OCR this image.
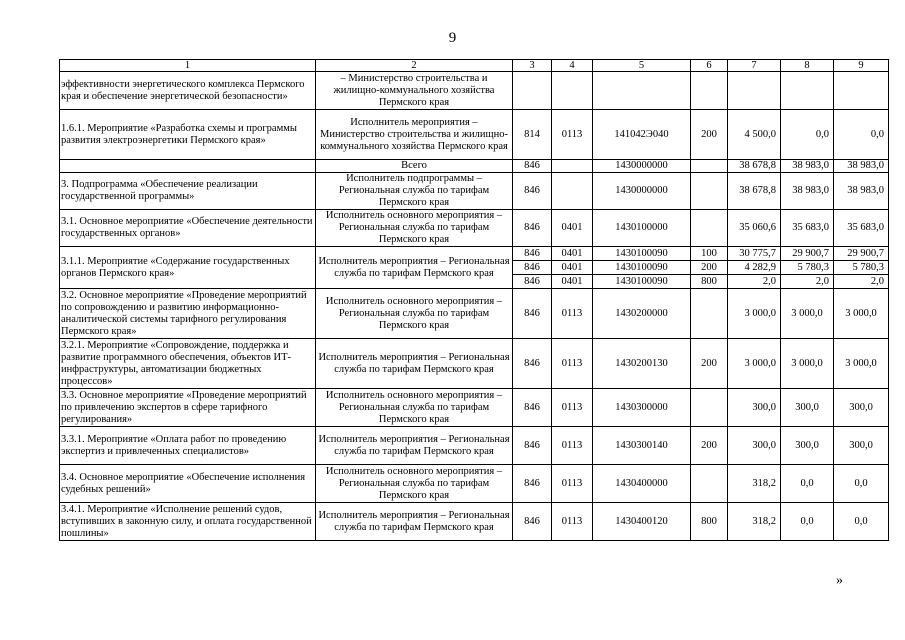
9
1	2	3	4	5	6	7	8	9
эффективности энергетического комплекса Пермского края и обеспечение энергетической безопасности»	– Министерство строительства и жилищно-коммунального хозяйства Пермского края							
1.6.1. Мероприятие «Разработка схемы и программы развития электроэнергетики Пермского края»	Исполнитель мероприятия – Министерство строительства и жилищно-коммунального хозяйства Пермского края	814	0113	141042Э040	200	4 500,0	0,0	0,0
	Всего	846		1430000000		38 678,8	38 983,0	38 983,0
3. Подпрограмма «Обеспечение реализации государственной программы»	Исполнитель подпрограммы – Региональная служба по тарифам Пермского края	846		1430000000		38 678,8	38 983,0	38 983,0
3.1. Основное мероприятие «Обеспечение деятельности государственных органов»	Исполнитель основного мероприятия – Региональная служба по тарифам Пермского края	846	0401	1430100000		35 060,6	35 683,0	35 683,0
3.1.1. Мероприятие «Содержание государственных органов Пермского края»	Исполнитель мероприятия – Региональная служба по тарифам Пермского края	846	0401	1430100090	100	30 775,7	29 900,7	29 900,7
		846	0401	1430100090	200	4 282,9	5 780,3	5 780,3
		846	0401	1430100090	800	2,0	2,0	2,0
3.2. Основное мероприятие «Проведение мероприятий по сопровождению и развитию информационно-аналитической системы тарифного регулирования Пермского края»	Исполнитель основного мероприятия – Региональная служба по тарифам Пермского края	846	0113	1430200000		3 000,0	3 000,0	3 000,0
3.2.1. Мероприятие «Сопровождение, поддержка и развитие программного обеспечения, объектов ИТ-инфраструктуры, автоматизации бюджетных процессов»	Исполнитель мероприятия – Региональная служба по тарифам Пермского края	846	0113	1430200130	200	3 000,0	3 000,0	3 000,0
3.3. Основное мероприятие «Проведение мероприятий по привлечению экспертов в сфере тарифного регулирования»	Исполнитель основного мероприятия – Региональная служба по тарифам Пермского края	846	0113	1430300000		300,0	300,0	300,0
3.3.1. Мероприятие «Оплата работ по проведению экспертиз и привлеченных специалистов»	Исполнитель мероприятия – Региональная служба по тарифам Пермского края	846	0113	1430300140	200	300,0	300,0	300,0
3.4. Основное мероприятие «Обеспечение исполнения судебных решений»	Исполнитель основного мероприятия – Региональная служба по тарифам Пермского края	846	0113	1430400000		318,2	0,0	0,0
3.4.1. Мероприятие «Исполнение решений судов, вступивших в законную силу, и оплата государственной пошлины»	Исполнитель мероприятия – Региональная служба по тарифам Пермского края	846	0113	1430400120	800	318,2	0,0	0,0
»
